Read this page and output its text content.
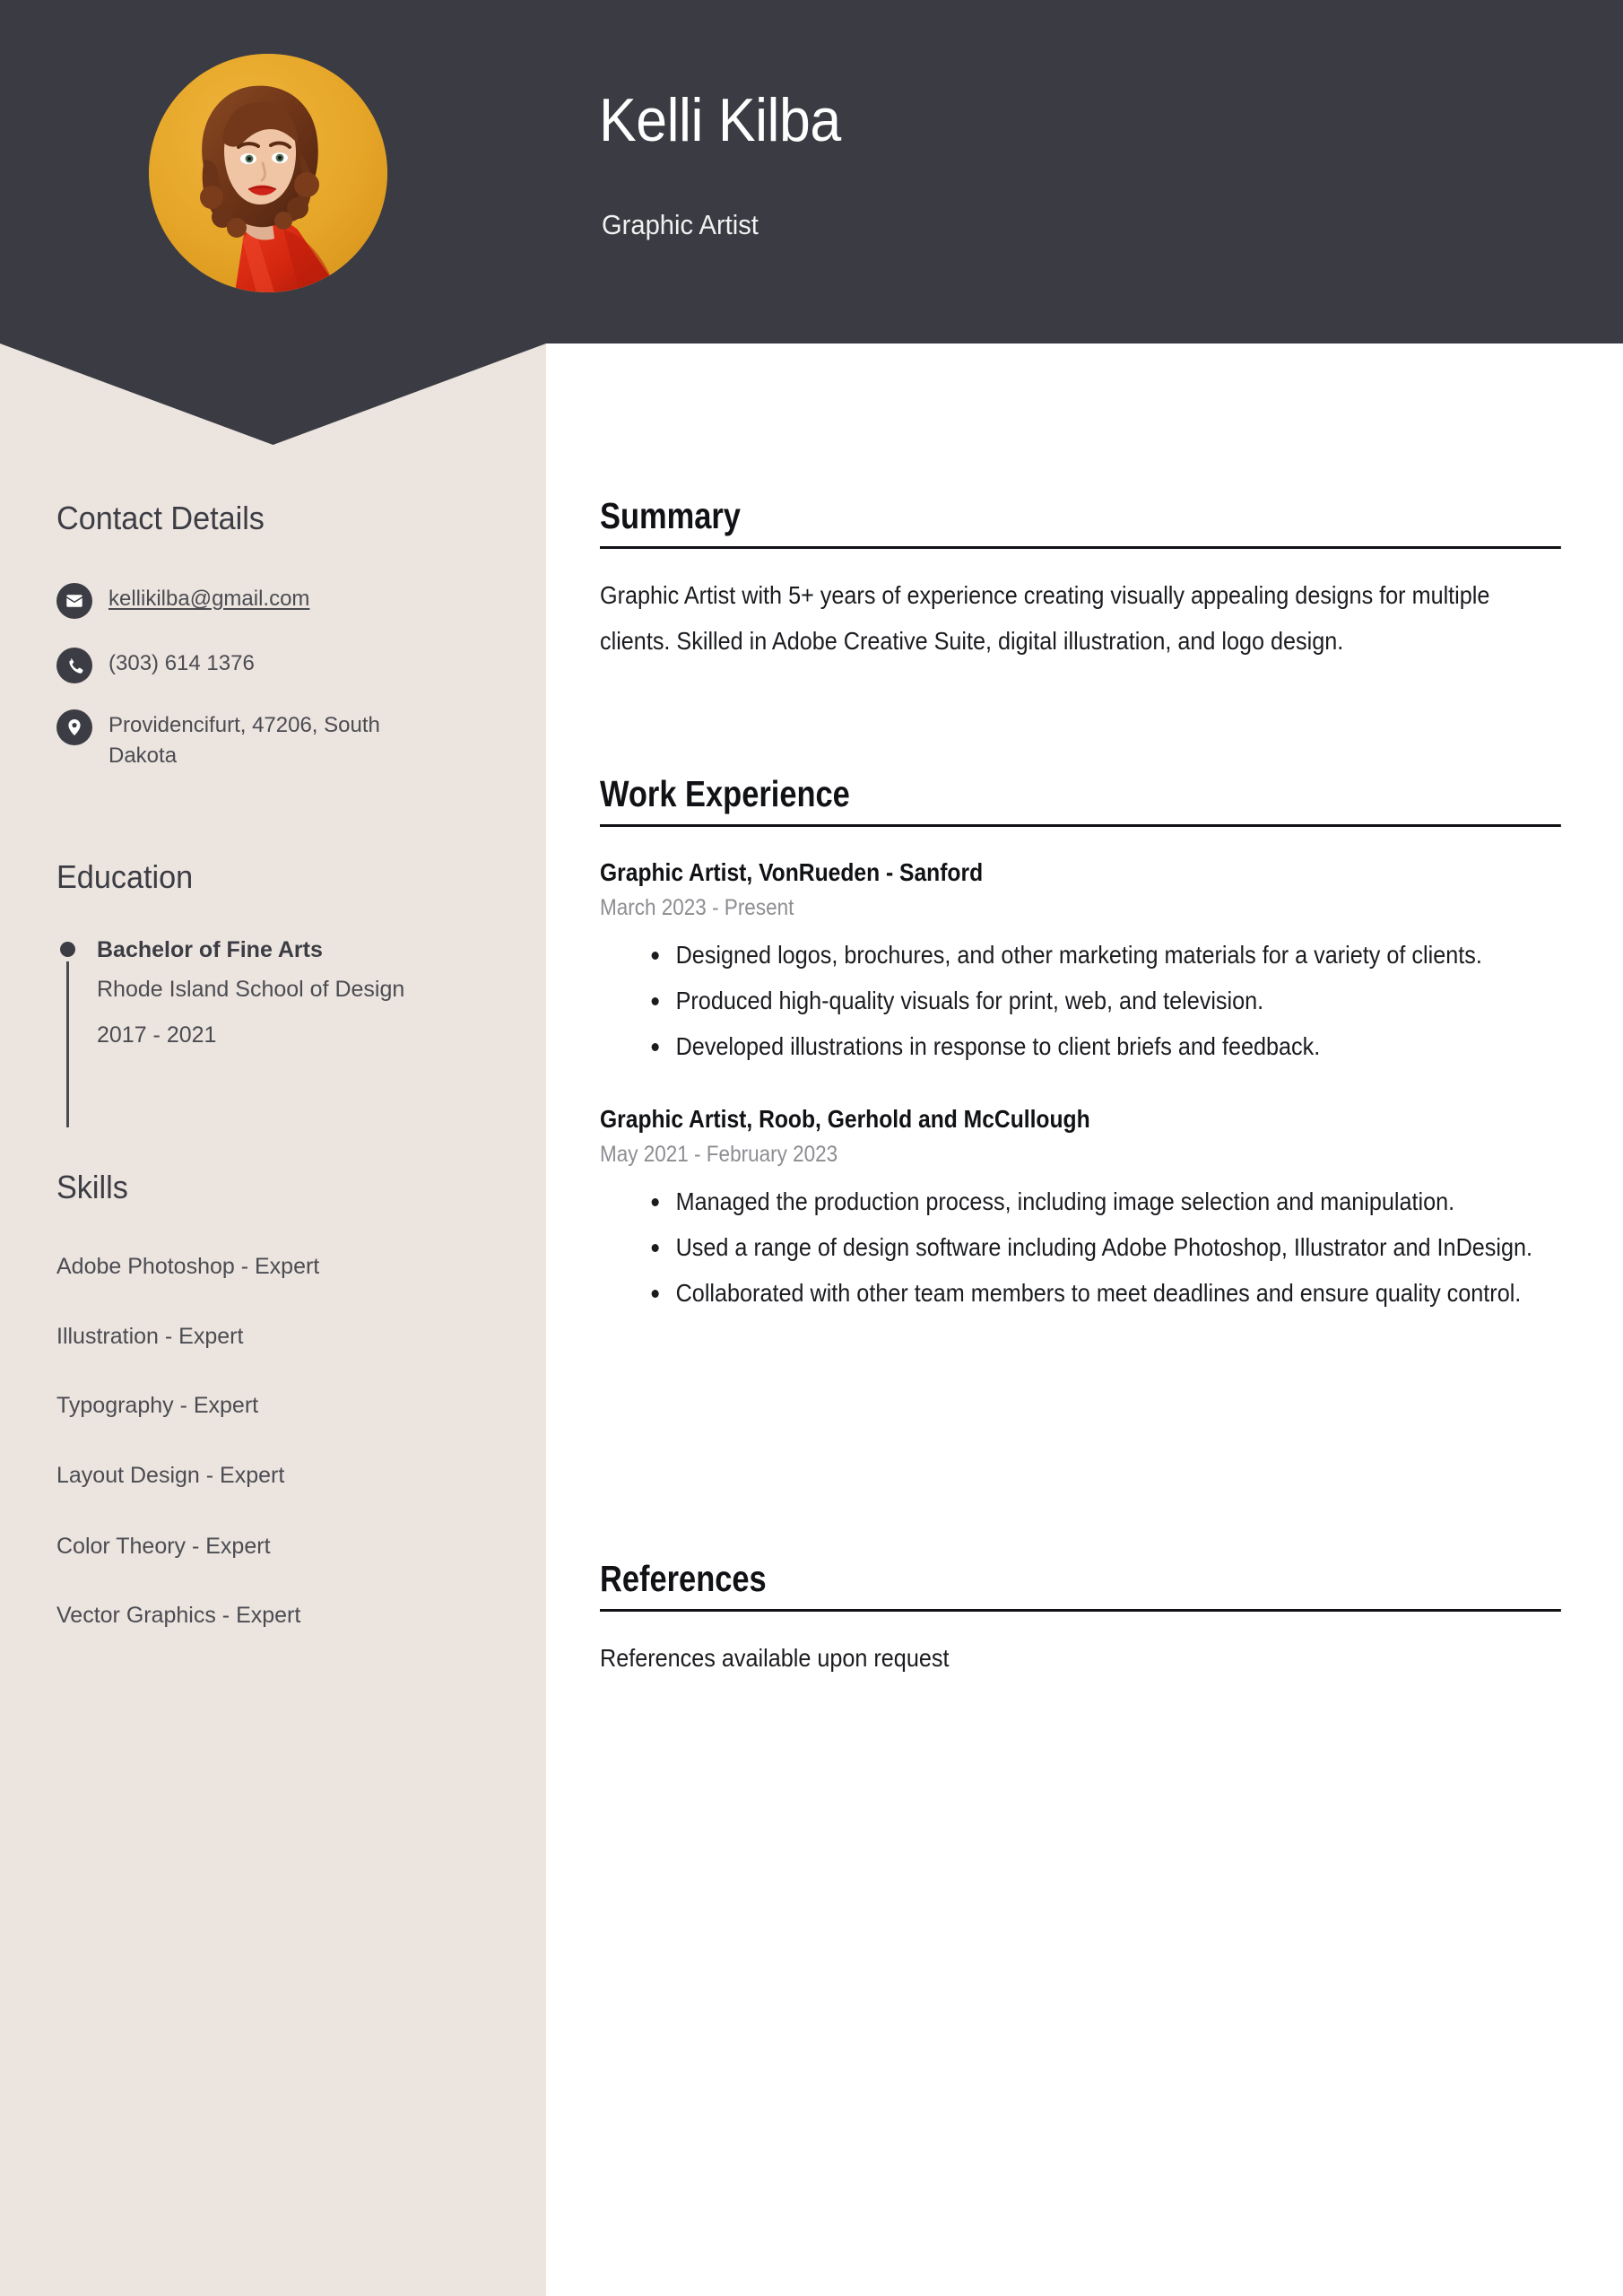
Kelli Kilba
Graphic Artist
Contact Details
kellikilba@gmail.com
(303) 614 1376
Providencifurt, 47206, South Dakota
Education
Bachelor of Fine Arts
Rhode Island School of Design
2017 - 2021
Skills
Adobe Photoshop - Expert
Illustration - Expert
Typography - Expert
Layout Design - Expert
Color Theory - Expert
Vector Graphics - Expert
Summary
Graphic Artist with 5+ years of experience creating visually appealing designs for multiple clients. Skilled in Adobe Creative Suite, digital illustration, and logo design.
Work Experience
Graphic Artist, VonRueden - Sanford
March 2023 - Present
Designed logos, brochures, and other marketing materials for a variety of clients.
Produced high-quality visuals for print, web, and television.
Developed illustrations in response to client briefs and feedback.
Graphic Artist, Roob, Gerhold and McCullough
May 2021 - February 2023
Managed the production process, including image selection and manipulation.
Used a range of design software including Adobe Photoshop, Illustrator and InDesign.
Collaborated with other team members to meet deadlines and ensure quality control.
References
References available upon request
